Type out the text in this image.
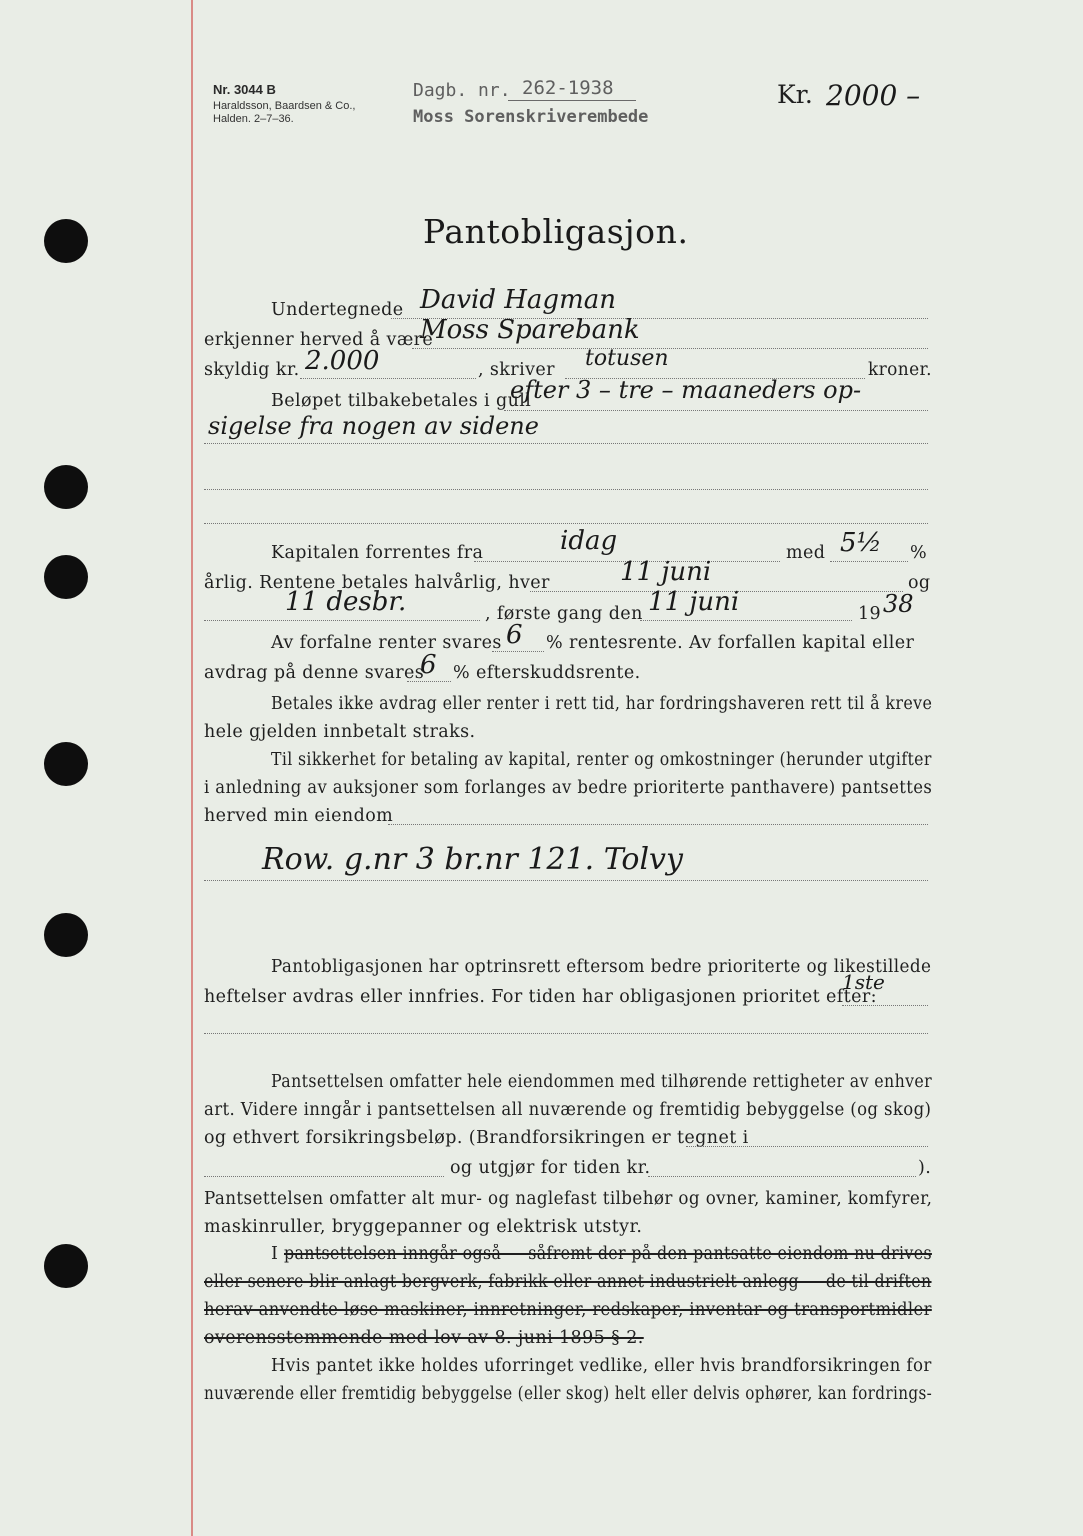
Nr. 3044 B
Haraldsson, Baardsen & Co.,
Halden. 2–7–36.
Dagb. nr. 262-1938
Moss Sorenskriverembede
Kr. 2000 –
Pantobligasjon.
Undertegnede David Hagman
erkjenner herved å være
Moss Sparebank
skyldig kr. 2.000	, skriver totusen	kroner.
Beløpet tilbakebetales i gull
efter 3 – tre – maaneders op-
sigelse fra nogen av sidene
Kapitalen forrentes fra	idag	med 5½ %
årlig. Rentene betales halvårlig, hver	11 juni	og
11 desbr.	, første gang den 11 juni	19 38
Av forfalne renter svares 6 % rentesrente. Av forfallen kapital eller
avdrag på denne svares
6 % efterskuddsrente.
Betales ikke avdrag eller renter i rett tid, har fordringshaveren rett til å kreve
hele gjelden innbetalt straks.
Til sikkerhet for betaling av kapital, renter og omkostninger (herunder utgifter
i anledning av auksjoner som forlanges av bedre prioriterte panthavere) pantsettes
herved min eiendom
Row. g.nr 3 br.nr 121. Tolvy
Pantobligasjonen har optrinsrett eftersom bedre prioriterte og likestillede
heftelser avdras eller innfries. For tiden har obligasjonen prioritet efter:
1ste
Pantsettelsen omfatter hele eiendommen med tilhørende rettigheter av enhver
art. Videre inngår i pantsettelsen all nuværende og fremtidig bebyggelse (og skog)
og ethvert forsikringsbeløp. (Brandforsikringen er tegnet i
og utgjør for tiden kr.	).
Pantsettelsen omfatter alt mur- og naglefast tilbehør og ovner, kaminer, komfyrer,
maskinruller, bryggepanner og elektrisk utstyr.
I pantsettelsen inngår også — såfremt der på den pantsatte eiendom nu drives
eller senere blir anlagt bergverk, fabrikk eller annet industrielt anlegg — de til driften
herav anvendte løse maskiner, innretninger, redskaper, inventar og transportmidler
overensstemmende med lov av 8. juni 1895 § 2.
Hvis pantet ikke holdes uforringet vedlike, eller hvis brandforsikringen for
nuværende eller fremtidig bebyggelse (eller skog) helt eller delvis ophører, kan fordrings-
